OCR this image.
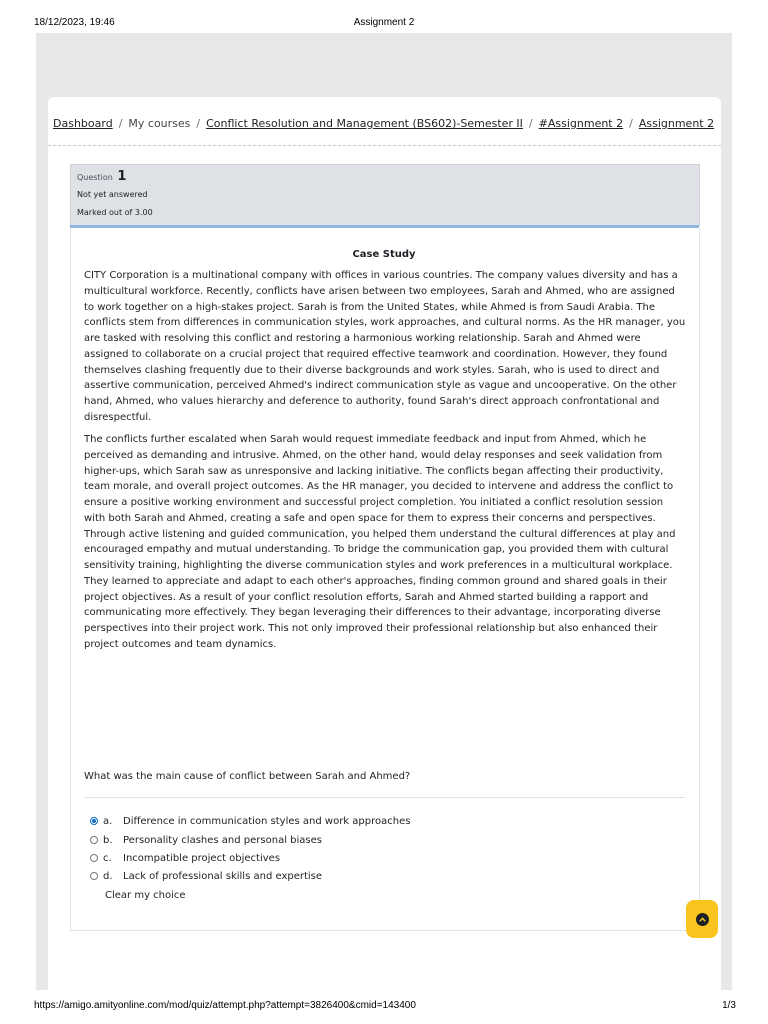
18/12/2023, 19:46	Assignment 2
Dashboard / My courses / Conflict Resolution and Management (BS602)-Semester II / #Assignment 2 / Assignment 2
Question 1
Not yet answered
Marked out of 3.00
Case Study

CITY Corporation is a multinational company with offices in various countries. The company values diversity and has a multicultural workforce. Recently, conflicts have arisen between two employees, Sarah and Ahmed, who are assigned to work together on a high-stakes project. Sarah is from the United States, while Ahmed is from Saudi Arabia. The conflicts stem from differences in communication styles, work approaches, and cultural norms. As the HR manager, you are tasked with resolving this conflict and restoring a harmonious working relationship. Sarah and Ahmed were assigned to collaborate on a crucial project that required effective teamwork and coordination. However, they found themselves clashing frequently due to their diverse backgrounds and work styles. Sarah, who is used to direct and assertive communication, perceived Ahmed's indirect communication style as vague and uncooperative. On the other hand, Ahmed, who values hierarchy and deference to authority, found Sarah's direct approach confrontational and disrespectful.

The conflicts further escalated when Sarah would request immediate feedback and input from Ahmed, which he perceived as demanding and intrusive. Ahmed, on the other hand, would delay responses and seek validation from higher-ups, which Sarah saw as unresponsive and lacking initiative. The conflicts began affecting their productivity, team morale, and overall project outcomes. As the HR manager, you decided to intervene and address the conflict to ensure a positive working environment and successful project completion. You initiated a conflict resolution session with both Sarah and Ahmed, creating a safe and open space for them to express their concerns and perspectives. Through active listening and guided communication, you helped them understand the cultural differences at play and encouraged empathy and mutual understanding. To bridge the communication gap, you provided them with cultural sensitivity training, highlighting the diverse communication styles and work preferences in a multicultural workplace. They learned to appreciate and adapt to each other's approaches, finding common ground and shared goals in their project objectives. As a result of your conflict resolution efforts, Sarah and Ahmed started building a rapport and communicating more effectively. They began leveraging their differences to their advantage, incorporating diverse perspectives into their project work. This not only improved their professional relationship but also enhanced their project outcomes and team dynamics.

What was the main cause of conflict between Sarah and Ahmed?
a.	Difference in communication styles and work approaches
b.	Personality clashes and personal biases
c.	Incompatible project objectives
d.	Lack of professional skills and expertise
Clear my choice
https://amigo.amityonline.com/mod/quiz/attempt.php?attempt=3826400&cmid=143400	1/3
